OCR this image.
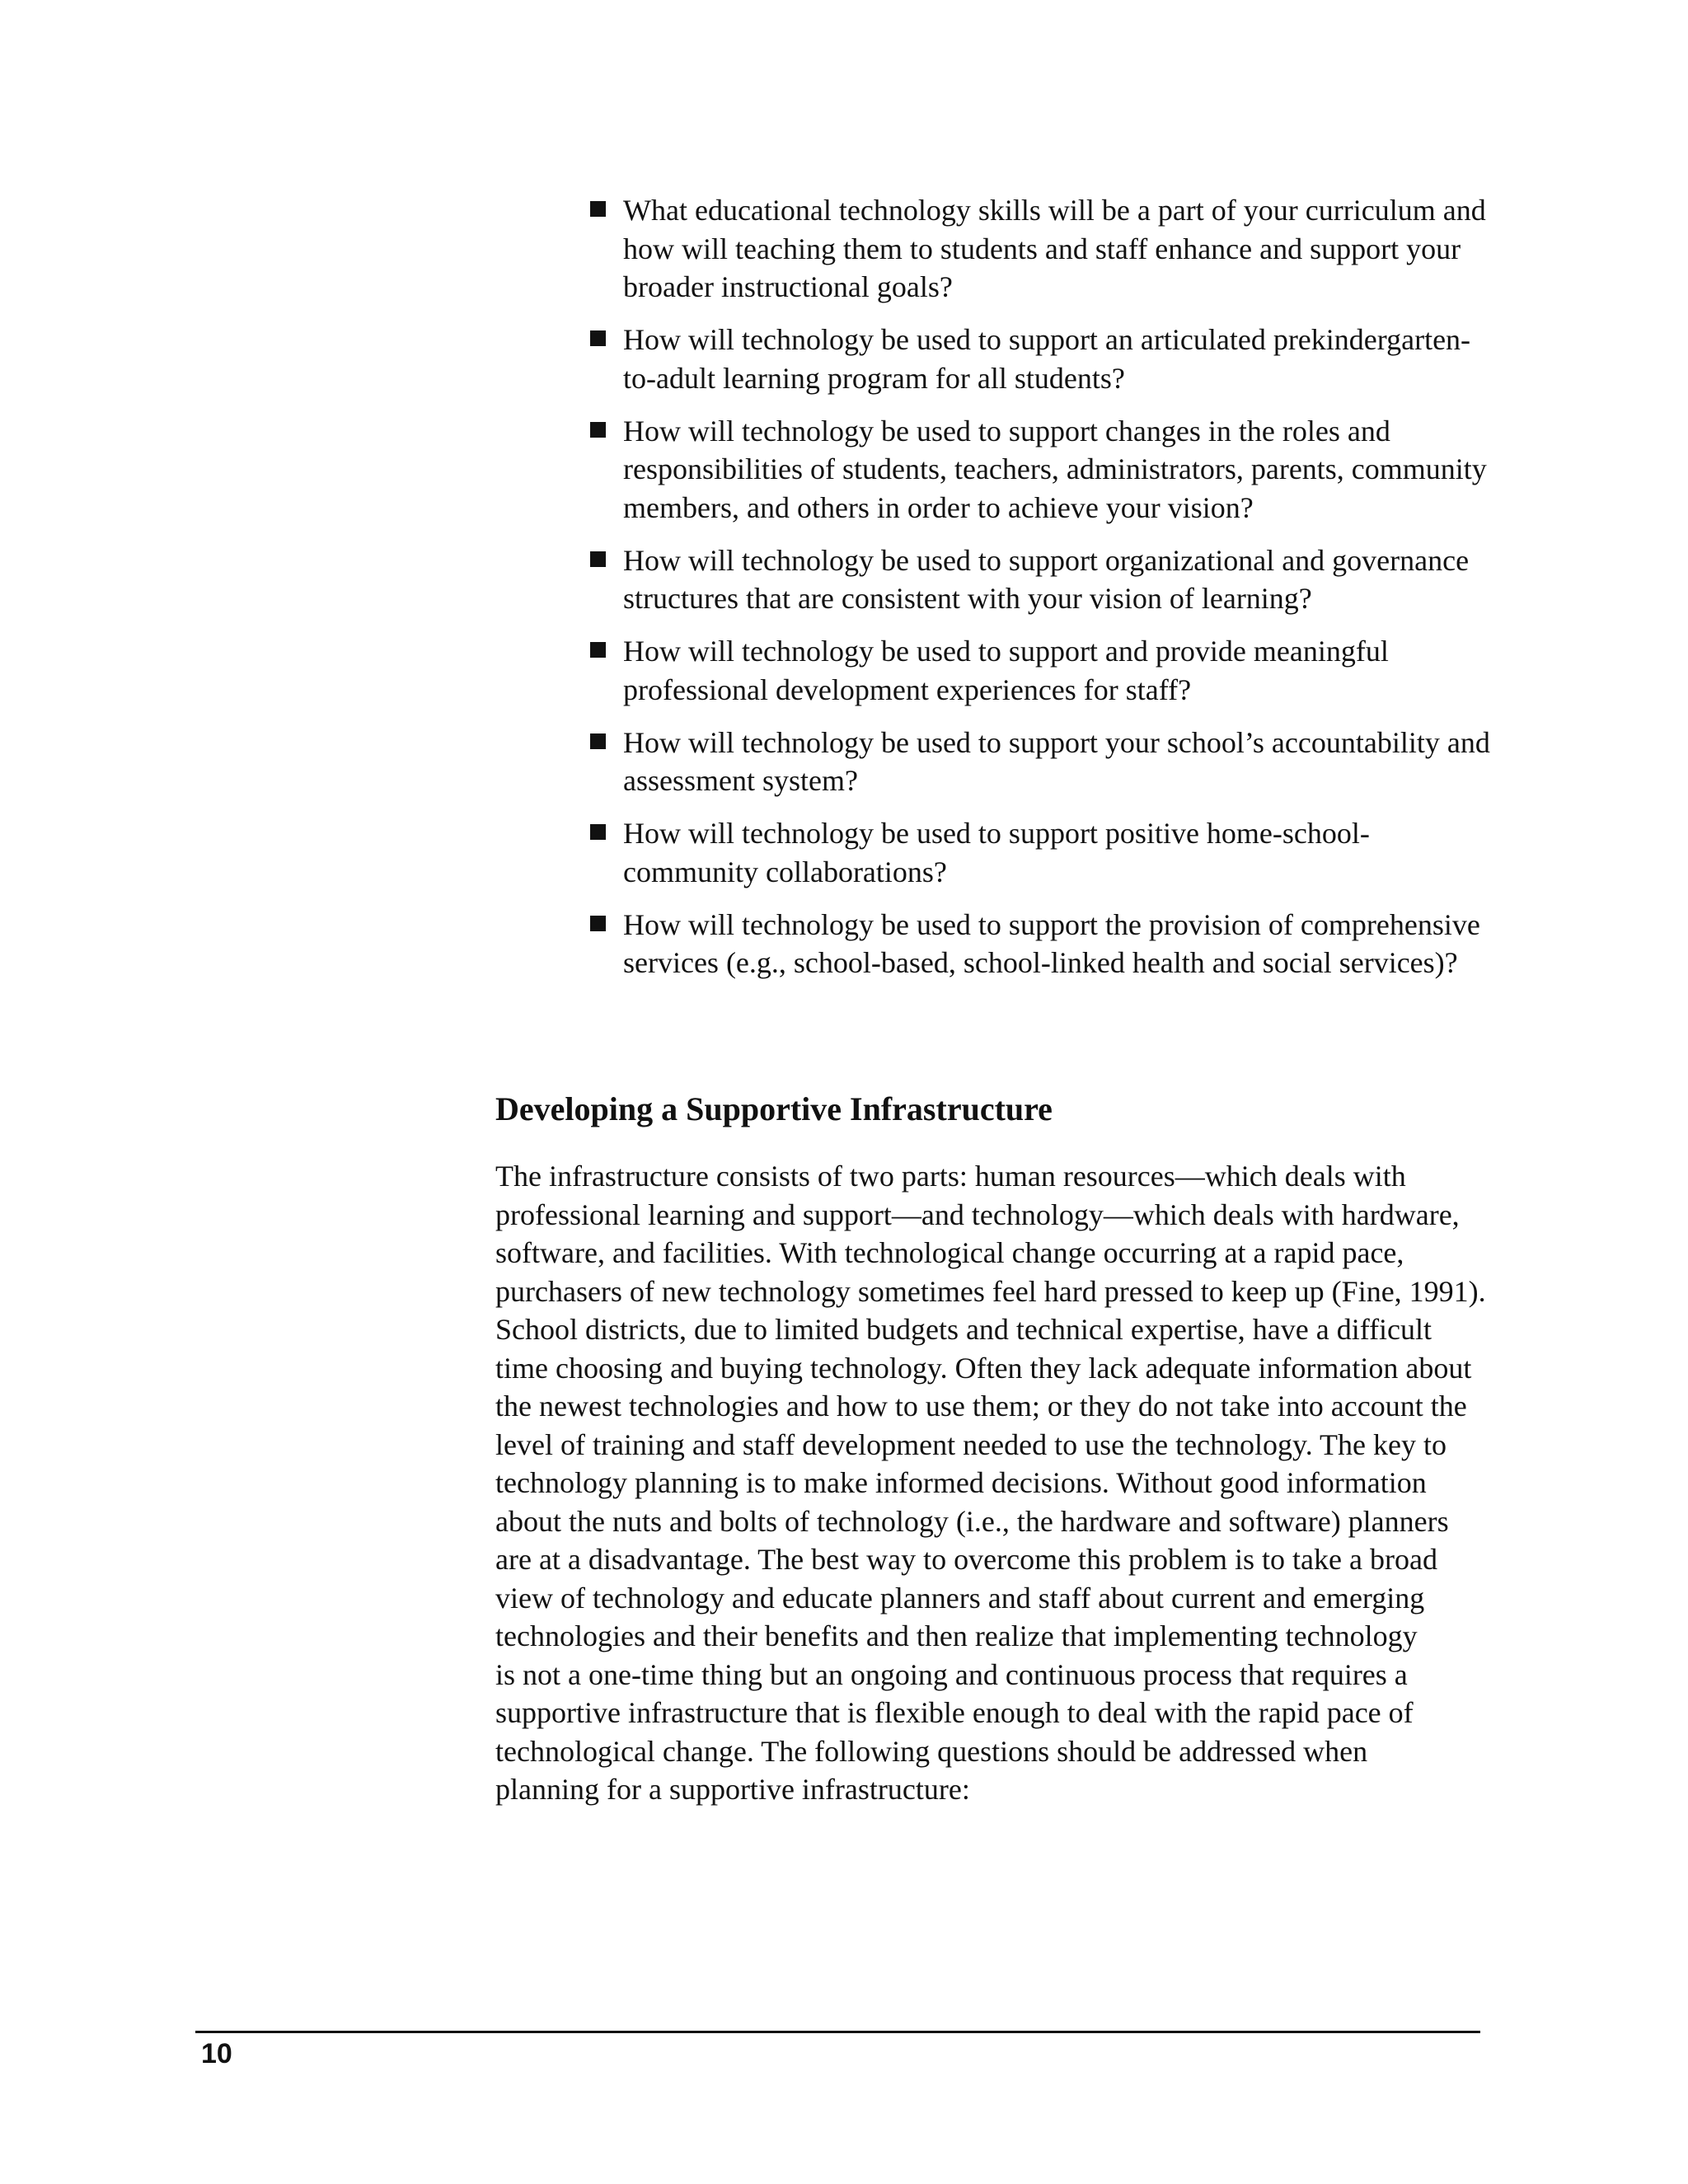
What educational technology skills will be a part of your curriculum and how will teaching them to students and staff enhance and support your broader instructional goals?
How will technology be used to support an articulated prekindergarten-to-adult learning program for all students?
How will technology be used to support changes in the roles and responsibilities of students, teachers, administrators, parents, community members, and others in order to achieve your vision?
How will technology be used to support organizational and governance structures that are consistent with your vision of learning?
How will technology be used to support and provide meaningful professional development experiences for staff?
How will technology be used to support your school’s accountability and assessment system?
How will technology be used to support positive home-school-community collaborations?
How will technology be used to support the provision of comprehensive services (e.g., school-based, school-linked health and social services)?
Developing a Supportive Infrastructure

The infrastructure consists of two parts: human resources—which deals with
professional learning and support—and technology—which deals with hardware,
software, and facilities. With technological change occurring at a rapid pace,
purchasers of new technology sometimes feel hard pressed to keep up (Fine, 1991).
School districts, due to limited budgets and technical expertise, have a difficult
time choosing and buying technology. Often they lack adequate information about
the newest technologies and how to use them; or they do not take into account the
level of training and staff development needed to use the technology. The key to
technology planning is to make informed decisions. Without good information
about the nuts and bolts of technology (i.e., the hardware and software) planners
are at a disadvantage. The best way to overcome this problem is to take a broad
view of technology and educate planners and staff about current and emerging
technologies and their benefits and then realize that implementing technology
is not a one-time thing but an ongoing and continuous process that requires a
supportive infrastructure that is flexible enough to deal with the rapid pace of
technological change. The following questions should be addressed when
planning for a supportive infrastructure:

10
